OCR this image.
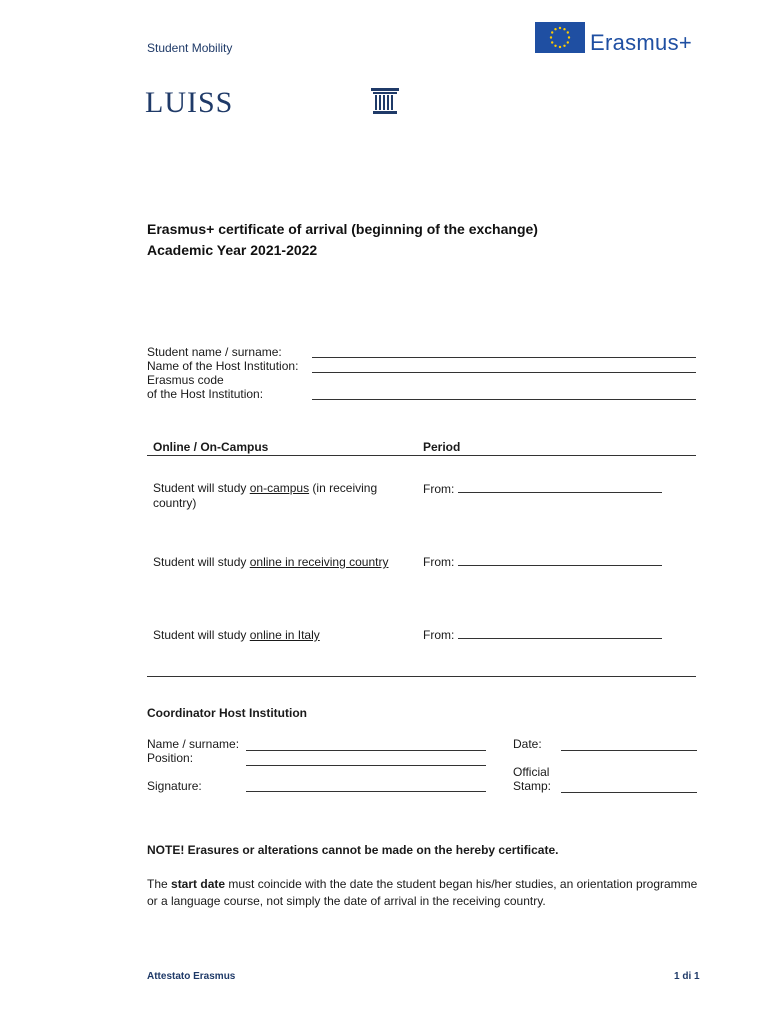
Student Mobility	Erasmus+
LUISS
Erasmus+ certificate of arrival (beginning of the exchange)
Academic Year 2021-2022
Student name / surname:
Name of the Host Institution:
Erasmus code
of the Host Institution:
Online / On-Campus	Period
Student will study on-campus (in receiving
country)
From:
Student will study online in receiving country	From:
Student will study online in Italy	From:
Coordinator Host Institution
Name / surname:
Position:
Signature:
Date:
Official
Stamp:
NOTE! Erasures or alterations cannot be made on the hereby certificate.
The start date must coincide with the date the student began his/her studies, an orientation programme
or a language course, not simply the date of arrival in the receiving country.
Attestato Erasmus	1 di 1
